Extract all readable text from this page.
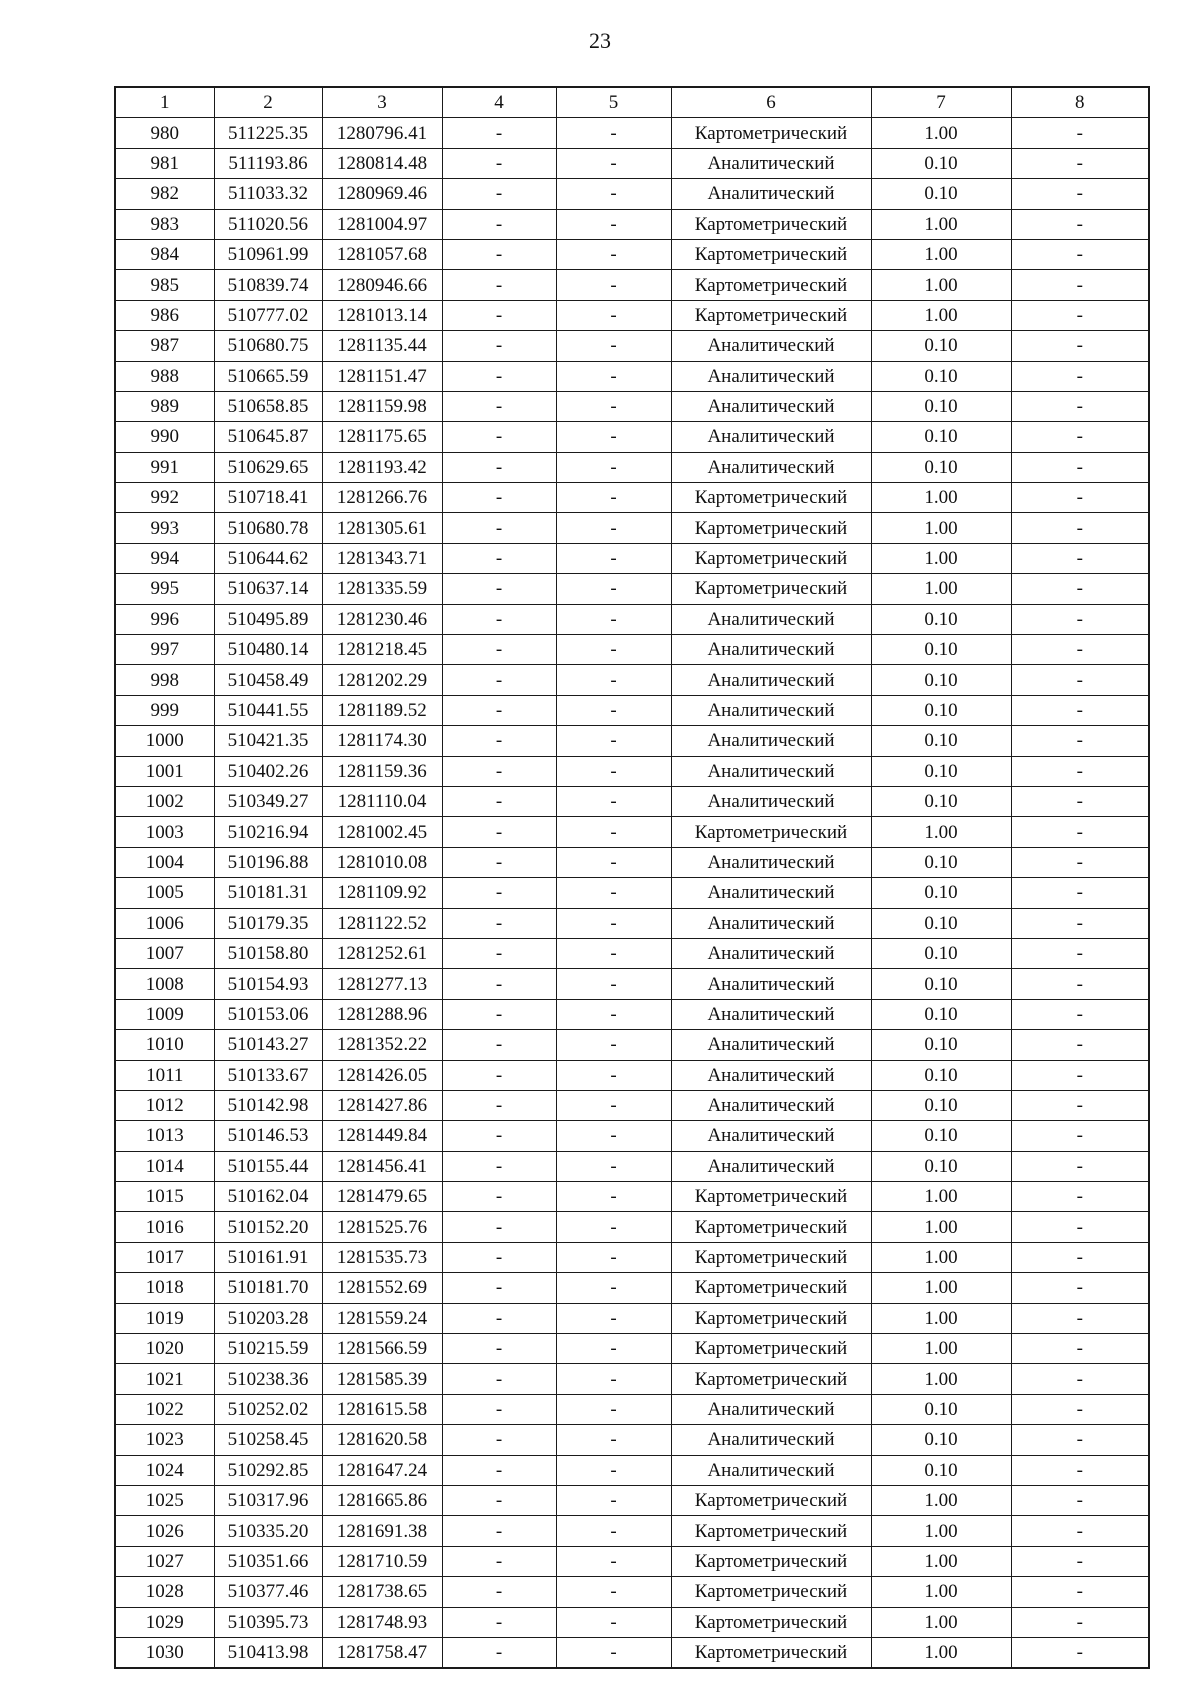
23
1	2	3	4	5	6	7	8
980	511225.35	1280796.41	-	-	Картометрический	1.00	-
981	511193.86	1280814.48	-	-	Аналитический	0.10	-
982	511033.32	1280969.46	-	-	Аналитический	0.10	-
983	511020.56	1281004.97	-	-	Картометрический	1.00	-
984	510961.99	1281057.68	-	-	Картометрический	1.00	-
985	510839.74	1280946.66	-	-	Картометрический	1.00	-
986	510777.02	1281013.14	-	-	Картометрический	1.00	-
987	510680.75	1281135.44	-	-	Аналитический	0.10	-
988	510665.59	1281151.47	-	-	Аналитический	0.10	-
989	510658.85	1281159.98	-	-	Аналитический	0.10	-
990	510645.87	1281175.65	-	-	Аналитический	0.10	-
991	510629.65	1281193.42	-	-	Аналитический	0.10	-
992	510718.41	1281266.76	-	-	Картометрический	1.00	-
993	510680.78	1281305.61	-	-	Картометрический	1.00	-
994	510644.62	1281343.71	-	-	Картометрический	1.00	-
995	510637.14	1281335.59	-	-	Картометрический	1.00	-
996	510495.89	1281230.46	-	-	Аналитический	0.10	-
997	510480.14	1281218.45	-	-	Аналитический	0.10	-
998	510458.49	1281202.29	-	-	Аналитический	0.10	-
999	510441.55	1281189.52	-	-	Аналитический	0.10	-
1000	510421.35	1281174.30	-	-	Аналитический	0.10	-
1001	510402.26	1281159.36	-	-	Аналитический	0.10	-
1002	510349.27	1281110.04	-	-	Аналитический	0.10	-
1003	510216.94	1281002.45	-	-	Картометрический	1.00	-
1004	510196.88	1281010.08	-	-	Аналитический	0.10	-
1005	510181.31	1281109.92	-	-	Аналитический	0.10	-
1006	510179.35	1281122.52	-	-	Аналитический	0.10	-
1007	510158.80	1281252.61	-	-	Аналитический	0.10	-
1008	510154.93	1281277.13	-	-	Аналитический	0.10	-
1009	510153.06	1281288.96	-	-	Аналитический	0.10	-
1010	510143.27	1281352.22	-	-	Аналитический	0.10	-
1011	510133.67	1281426.05	-	-	Аналитический	0.10	-
1012	510142.98	1281427.86	-	-	Аналитический	0.10	-
1013	510146.53	1281449.84	-	-	Аналитический	0.10	-
1014	510155.44	1281456.41	-	-	Аналитический	0.10	-
1015	510162.04	1281479.65	-	-	Картометрический	1.00	-
1016	510152.20	1281525.76	-	-	Картометрический	1.00	-
1017	510161.91	1281535.73	-	-	Картометрический	1.00	-
1018	510181.70	1281552.69	-	-	Картометрический	1.00	-
1019	510203.28	1281559.24	-	-	Картометрический	1.00	-
1020	510215.59	1281566.59	-	-	Картометрический	1.00	-
1021	510238.36	1281585.39	-	-	Картометрический	1.00	-
1022	510252.02	1281615.58	-	-	Аналитический	0.10	-
1023	510258.45	1281620.58	-	-	Аналитический	0.10	-
1024	510292.85	1281647.24	-	-	Аналитический	0.10	-
1025	510317.96	1281665.86	-	-	Картометрический	1.00	-
1026	510335.20	1281691.38	-	-	Картометрический	1.00	-
1027	510351.66	1281710.59	-	-	Картометрический	1.00	-
1028	510377.46	1281738.65	-	-	Картометрический	1.00	-
1029	510395.73	1281748.93	-	-	Картометрический	1.00	-
1030	510413.98	1281758.47	-	-	Картометрический	1.00	-
